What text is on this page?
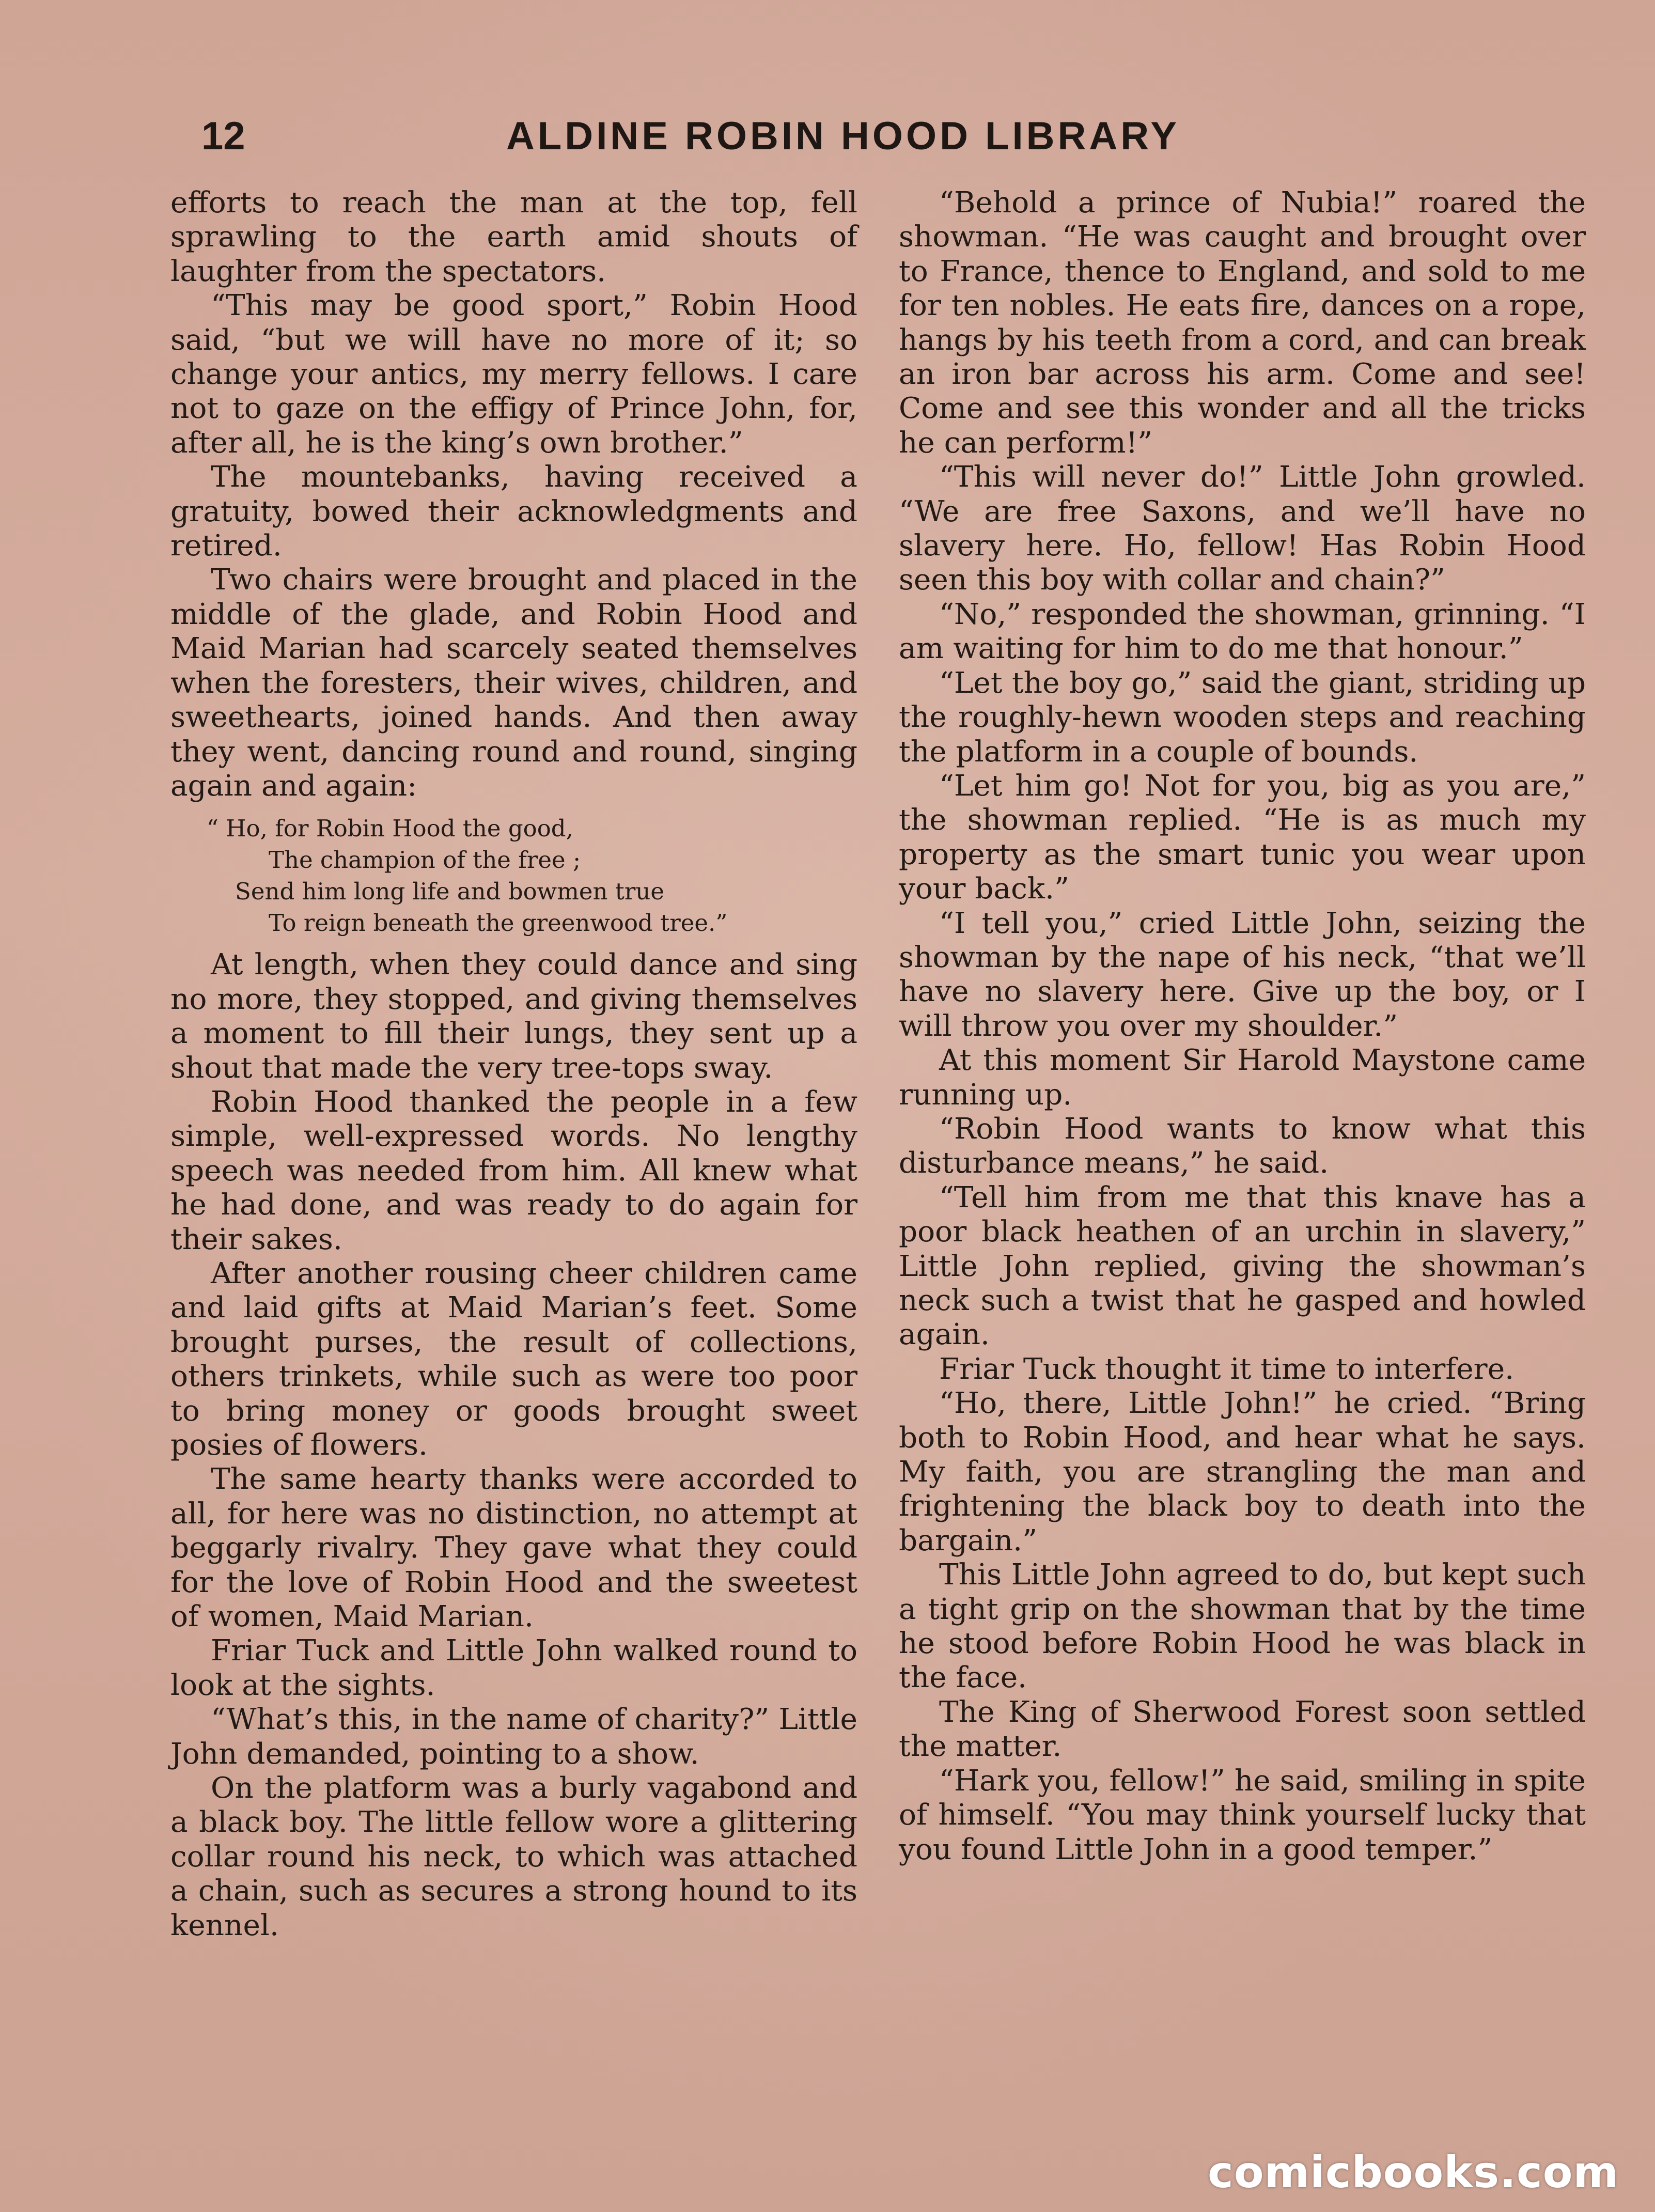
12	ALDINE ROBIN HOOD LIBRARY

efforts to reach the man at the top, fell sprawling to the earth amid shouts of laughter from the spectators.

“This may be good sport,” Robin Hood said, “but we will have no more of it; so change your antics, my merry fellows. I care not to gaze on the effigy of Prince John, for, after all, he is the king’s own brother.”

The mountebanks, having received a gratuity, bowed their acknowledgments and retired.

Two chairs were brought and placed in the middle of the glade, and Robin Hood and Maid Marian had scarcely seated themselves when the foresters, their wives, children, and sweethearts, joined hands. And then away they went, dancing round and round, singing again and again:

“ Ho, for Robin Hood the good,
The champion of the free ;
Send him long life and bowmen true
To reign beneath the greenwood tree.”

At length, when they could dance and sing no more, they stopped, and giving themselves a moment to fill their lungs, they sent up a shout that made the very tree-tops sway.

Robin Hood thanked the people in a few simple, well-expressed words. No lengthy speech was needed from him. All knew what he had done, and was ready to do again for their sakes.

After another rousing cheer children came and laid gifts at Maid Marian’s feet. Some brought purses, the result of collections, others trinkets, while such as were too poor to bring money or goods brought sweet posies of flowers.

The same hearty thanks were accorded to all, for here was no distinction, no attempt at beggarly rivalry. They gave what they could for the love of Robin Hood and the sweetest of women, Maid Marian.

Friar Tuck and Little John walked round to look at the sights.

“What’s this, in the name of charity?” Little John demanded, pointing to a show.

On the platform was a burly vagabond and a black boy. The little fellow wore a glittering collar round his neck, to which was attached a chain, such as secures a strong hound to its kennel.

“Behold a prince of Nubia!” roared the showman. “He was caught and brought over to France, thence to England, and sold to me for ten nobles. He eats fire, dances on a rope, hangs by his teeth from a cord, and can break an iron bar across his arm. Come and see! Come and see this wonder and all the tricks he can perform!”

“This will never do!” Little John growled. “We are free Saxons, and we’ll have no slavery here. Ho, fellow! Has Robin Hood seen this boy with collar and chain?”

“No,” responded the showman, grinning. “I am waiting for him to do me that honour.”

“Let the boy go,” said the giant, striding up the roughly-hewn wooden steps and reaching the platform in a couple of bounds.

“Let him go! Not for you, big as you are,” the showman replied. “He is as much my property as the smart tunic you wear upon your back.”

“I tell you,” cried Little John, seizing the showman by the nape of his neck, “that we’ll have no slavery here. Give up the boy, or I will throw you over my shoulder.”

At this moment Sir Harold Maystone came running up.

“Robin Hood wants to know what this disturbance means,” he said.

“Tell him from me that this knave has a poor black heathen of an urchin in slavery,” Little John replied, giving the showman’s neck such a twist that he gasped and howled again.

Friar Tuck thought it time to interfere.

“Ho, there, Little John!” he cried. “Bring both to Robin Hood, and hear what he says. My faith, you are strangling the man and frightening the black boy to death into the bargain.”

This Little John agreed to do, but kept such a tight grip on the showman that by the time he stood before Robin Hood he was black in the face.

The King of Sherwood Forest soon settled the matter.

“Hark you, fellow!” he said, smiling in spite of himself. “You may think yourself lucky that you found Little John in a good temper.”

comicbooks.com
